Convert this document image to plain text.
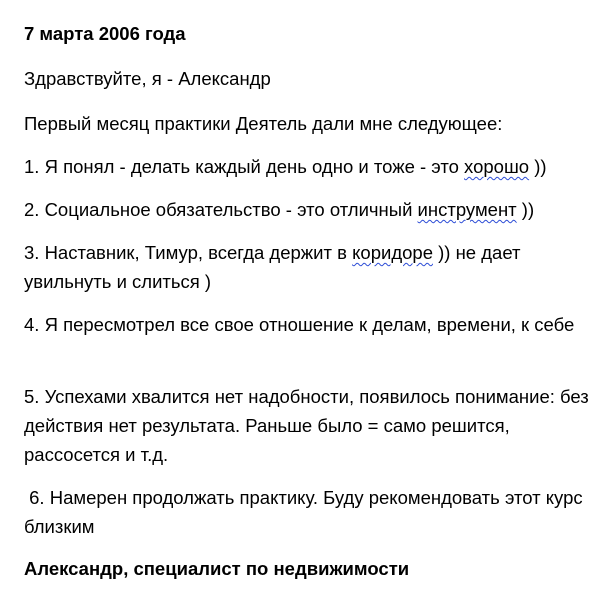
7 марта 2006 года

Здравствуйте, я - Александр

Первый месяц практики Деятель дали мне следующее:

1. Я понял - делать каждый день одно и тоже - это хорошо ))

2. Социальное обязательство - это отличный инструмент ))

3. Наставник, Тимур, всегда держит в коридоре )) не дает увильнуть и слиться )

4. Я пересмотрел все свое отношение к делам, времени, к себе

5. Успехами хвалится нет надобности, появилось понимание: без действия нет результата. Раньше было = само решится, рассосется и т.д.

6. Намерен продолжать практику. Буду рекомендовать этот курс близким

Александр, специалист по недвижимости
